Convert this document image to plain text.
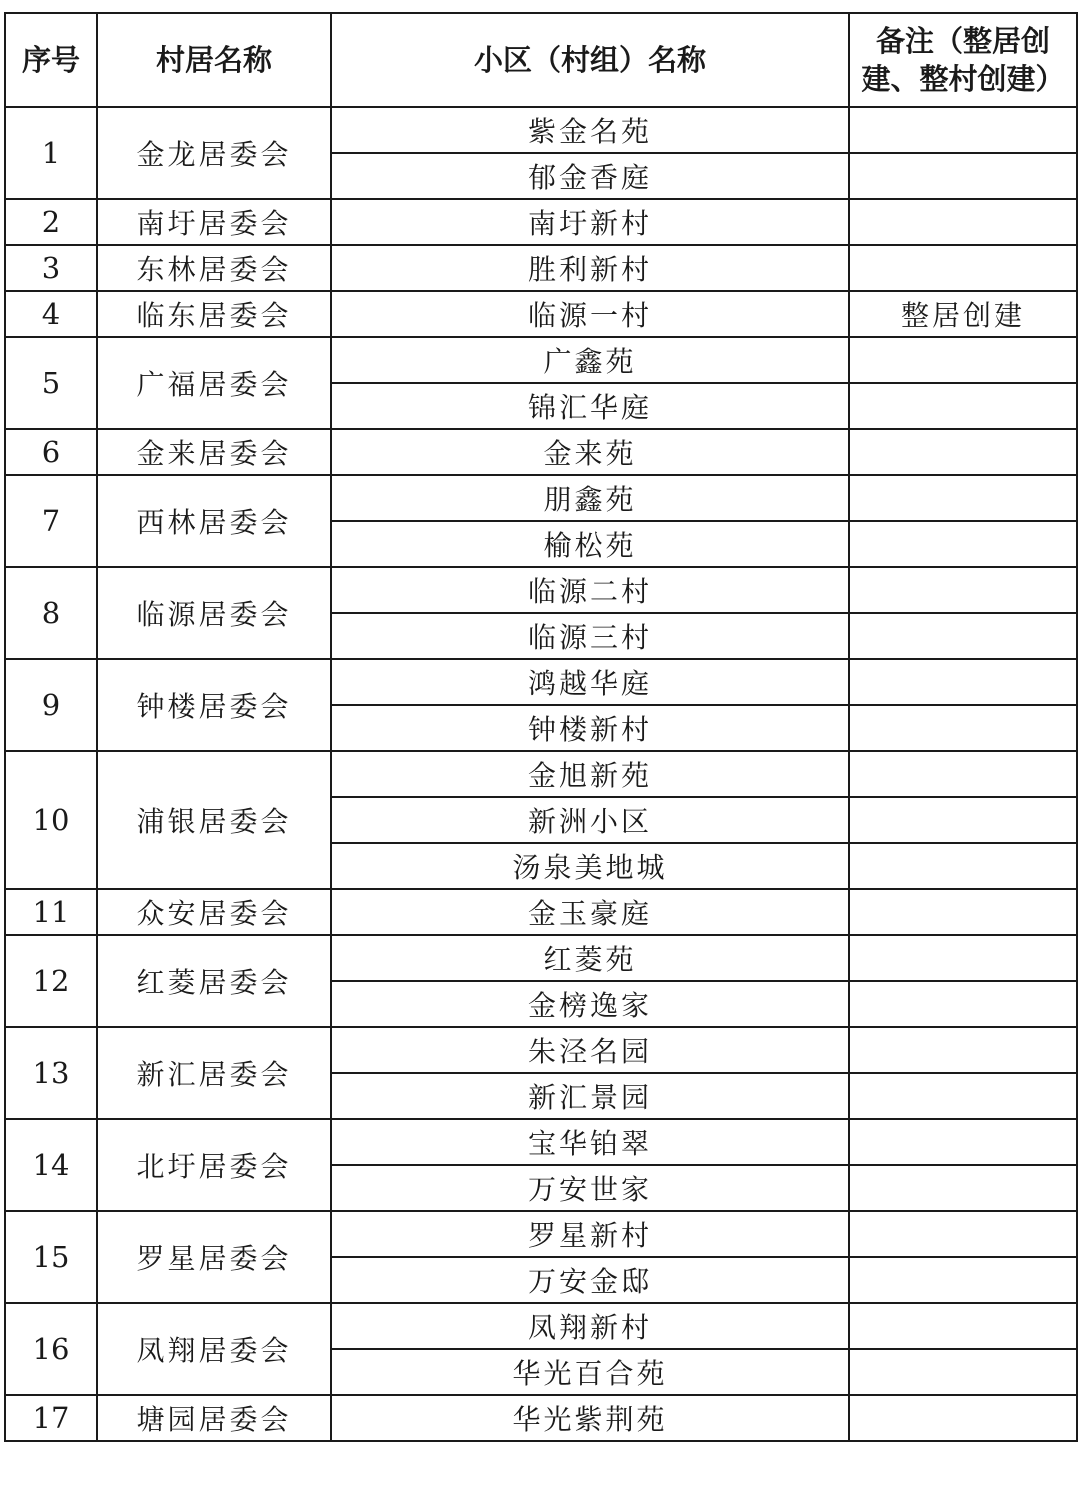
序号	村居名称	小区（村组）名称	备注（整居创建、整村创建）
1	金龙居委会	紫金名苑	
		郁金香庭	
2	南圩居委会	南圩新村	
3	东林居委会	胜利新村	
4	临东居委会	临源一村	整居创建
5	广福居委会	广鑫苑	
		锦汇华庭	
6	金来居委会	金来苑	
7	西林居委会	朋鑫苑	
		榆松苑	
8	临源居委会	临源二村	
		临源三村	
9	钟楼居委会	鸿越华庭	
		钟楼新村	
10	浦银居委会	金旭新苑	
		新洲小区	
		汤泉美地城	
11	众安居委会	金玉豪庭	
12	红菱居委会	红菱苑	
		金榜逸家	
13	新汇居委会	朱泾名园	
		新汇景园	
14	北圩居委会	宝华铂翠	
		万安世家	
15	罗星居委会	罗星新村	
		万安金邸	
16	凤翔居委会	凤翔新村	
		华光百合苑	
17	塘园居委会	华光紫荆苑	
